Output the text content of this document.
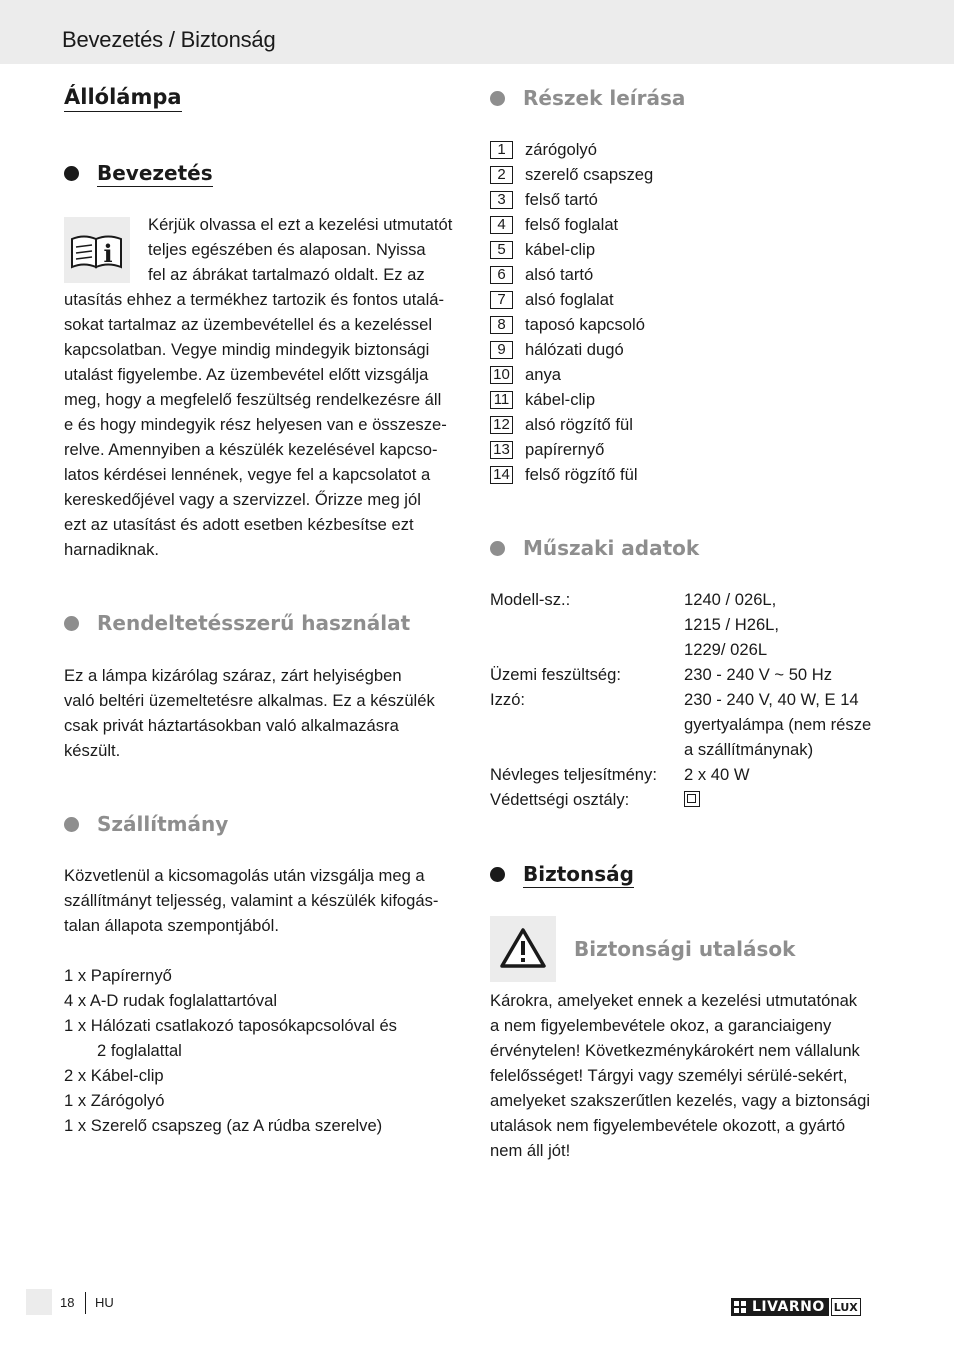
Bevezetés / Biztonság
Állólámpa
Bevezetés
i
Kérjük olvassa el ezt a kezelési utmutatót
teljes egészében és alaposan. Nyissa
fel az ábrákat tartalmazó oldalt. Ez az
utasítás ehhez a termékhez tartozik és fontos utalá-
sokat tartalmaz az üzembevétellel és a kezeléssel
kapcsolatban. Vegye mindig mindegyik biztonsági
utalást figyelembe. Az üzembevétel előtt vizsgálja
meg, hogy a megfelelő feszültség rendelkezésre áll
e és hogy mindegyik rész helyesen van e összesze-
relve. Amennyiben a készülék kezelésével kapcso-
latos kérdései lennének, vegye fel a kapcsolatot a
kereskedőjével vagy a szervizzel. Őrizze meg jól
ezt az utasítást és adott esetben kézbesítse ezt
harnadiknak.
Rendeltetésszerű használat
Ez a lámpa kizárólag száraz, zárt helyiségben
való beltéri üzemeltetésre alkalmas. Ez a készülék
csak privát háztartásokban való alkalmazásra
készült.
Szállítmány
Közvetlenül a kicsomagolás után vizsgálja meg a
szállítmányt teljesség, valamint a készülék kifogás-
talan állapota szempontjából.
1 x Papírernyő
4 x A-D rudak foglalattartóval
1 x Hálózati csatlakozó taposókapcsolóval és
2 foglalattal
2 x Kábel-clip
1 x Zárógolyó
1 x Szerelő csapszeg (az A rúdba szerelve)
Részek leírása
1	zárógolyó
2	szerelő csapszeg
3	felső tartó
4	felső foglalat
5	kábel-clip
6	alsó tartó
7	alsó foglalat
8	taposó kapcsoló
9	hálózati dugó
10 anya
11 kábel-clip
12 alsó rögzítő fül
13 papírernyő
14 felső rögzítő fül
Műszaki adatok
Modell-sz.:	1240 / 026L,
1215 / H26L,
1229/ 026L
Üzemi feszültség:	230 - 240 V ~ 50 Hz
Izzó:	230 - 240 V, 40 W, E 14
gyertyalámpa (nem része
a szállítmánynak)
Névleges teljesítmény:	2 x 40 W
Védettségi osztály:
Biztonság
Biztonsági utalások
Károkra, amelyeket ennek a kezelési utmutatónak
a nem figyelembevétele okoz, a garanciaigeny
érvénytelen! Következménykárokért nem vállalunk
felelősséget! Tárgyi vagy személyi sérülé-sekért,
amelyeket szakszerűtlen kezelés, vagy a biztonsági
utalások nem figyelembevétele okozott, a gyártó
nem áll jót!
18 HU	LIVARNO LUX
